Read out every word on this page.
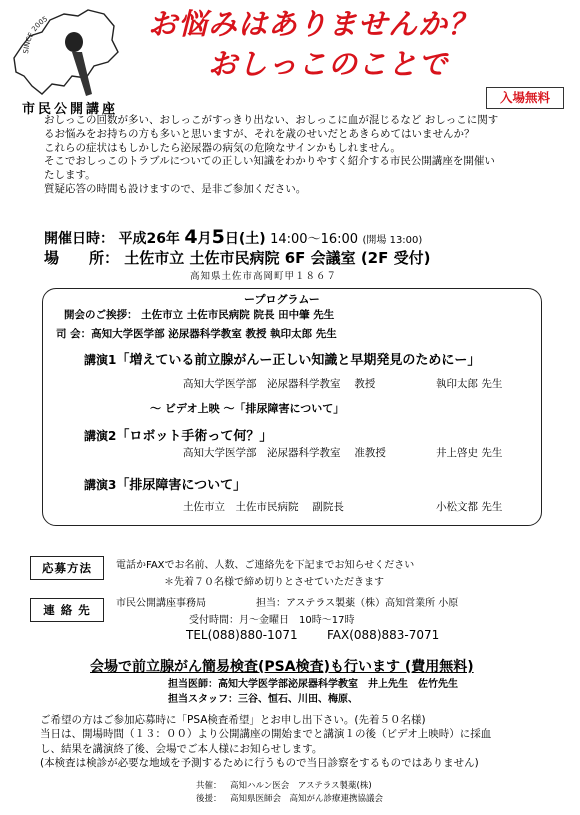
SINCE 2005	お悩みはありませんか？
おしっこのことで
市民公開講座
入場無料

おしっこの回数が多い、おしっこがすっきり出ない、おしっこに血が混じるなど おしっこに関す

るお悩みをお持ちの方も多いと思いますが、それを歳のせいだとあきらめてはいませんか？

これらの症状はもしかしたら泌尿器の病気の危険なサインかもしれません。

そこでおしっこのトラブルについての正しい知識をわかりやすく紹介する市民公開講座を開催い

たします。

質疑応答の時間も設けますので、是非ご参加ください。

開催日時： 平成26年 4月5日(土) 14:00～16:00 (開場 13:00)
場　　所： 土佐市立 土佐市民病院 6F 会議室 (2F 受付)
高知県土佐市高岡町甲１８６７
ープログラムー
開会のご挨拶： 土佐市立 土佐市民病院 院長 田中肇 先生
司 会：高知大学医学部 泌尿器科学教室 教授 執印太郎 先生
講演1「増えている前立腺がんー正しい知識と早期発見のためにー」
高知大学医学部　泌尿器科学教室　 教授	執印太郎 先生
～ ビデオ上映 ～「排尿障害について」
講演2「ロボット手術って何？」
高知大学医学部　泌尿器科学教室　 准教授	井上啓史 先生
講演3「排尿障害について」
土佐市立　土佐市民病院　 副院長	小松文都 先生
応募方法	電話かFAXでお名前、人数、ご連絡先を下記までお知らせください
＊先着７０名様で締め切りとさせていただきます
連 絡 先	市民公開講座事務局	担当：アステラス製薬（株）高知営業所 小原
受付時間：月～金曜日　10時～17時
TEL(088)880-1071 FAX(088)883-7071
会場で前立腺がん簡易検査(PSA検査)も行います (費用無料)
担当医師：高知大学医学部泌尿器科学教室　井上先生　佐竹先生
担当スタッフ：三谷、恒石、川田、梅原、

ご希望の方はご参加応募時に「PSA検査希望」とお申し出下さい。(先着５０名様)

当日は、開場時間（１３：００）より公開講座の開始までと講演１の後（ビデオ上映時）に採血

し、結果を講演終了後、会場でご本人様にお知らせします。

(本検査は検診が必要な地域を予測するために行うもので当日診察をするものではありません)

共催： 高知ハルン医会　アステラス製薬(株)
後援： 高知県医師会　高知がん診療連携協議会
